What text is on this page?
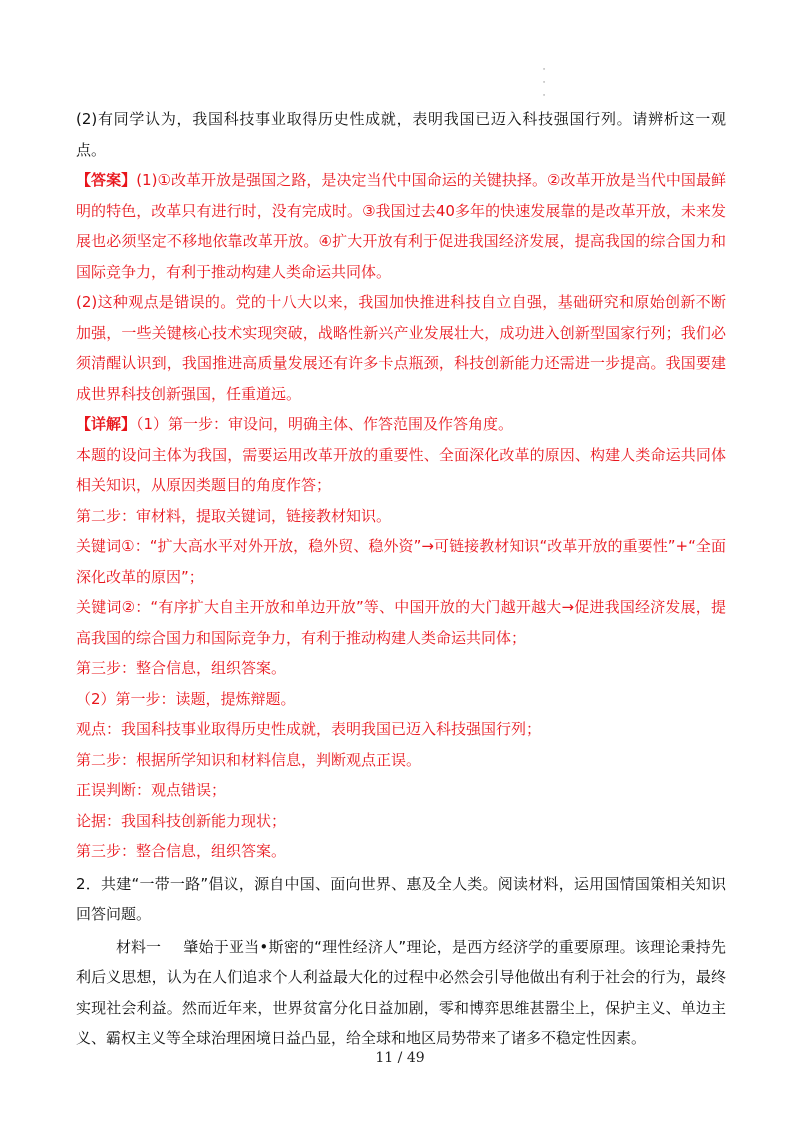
·
·
·

(2)有同学认为，我国科技事业取得历史性成就，表明我国已迈入科技强国行列。请辨析这一观点。

【答案】(1)①改革开放是强国之路，是决定当代中国命运的关键抉择。②改革开放是当代中国最鲜明的特色，改革只有进行时，没有完成时。③我国过去40多年的快速发展靠的是改革开放，未来发展也必须坚定不移地依靠改革开放。④扩大开放有利于促进我国经济发展，提高我国的综合国力和国际竞争力，有利于推动构建人类命运共同体。

(2)这种观点是错误的。党的十八大以来，我国加快推进科技自立自强，基础研究和原始创新不断加强，一些关键核心技术实现突破，战略性新兴产业发展壮大，成功进入创新型国家行列；我们必须清醒认识到，我国推进高质量发展还有许多卡点瓶颈，科技创新能力还需进一步提高。我国要建成世界科技创新强国，任重道远。

【详解】（1）第一步：审设问，明确主体、作答范围及作答角度。

本题的设问主体为我国，需要运用改革开放的重要性、全面深化改革的原因、构建人类命运共同体相关知识，从原因类题目的角度作答；

第二步：审材料，提取关键词，链接教材知识。

关键词①：“扩大高水平对外开放，稳外贸、稳外资”→可链接教材知识“改革开放的重要性”+“全面深化改革的原因”；

关键词②：“有序扩大自主开放和单边开放”等、中国开放的大门越开越大→促进我国经济发展，提高我国的综合国力和国际竞争力，有利于推动构建人类命运共同体；

第三步：整合信息，组织答案。

（2）第一步：读题，提炼辩题。

观点：我国科技事业取得历史性成就，表明我国已迈入科技强国行列；

第二步：根据所学知识和材料信息，判断观点正误。

正误判断：观点错误；

论据：我国科技创新能力现状；

第三步：整合信息，组织答案。

2．共建“一带一路”倡议，源自中国、面向世界、惠及全人类。阅读材料，运用国情国策相关知识回答问题。

材料一 肇始于亚当•斯密的“理性经济人”理论，是西方经济学的重要原理。该理论秉持先利后义思想，认为在人们追求个人利益最大化的过程中必然会引导他做出有利于社会的行为，最终实现社会利益。然而近年来，世界贫富分化日益加剧，零和博弈思维甚嚣尘上，保护主义、单边主义、霸权主义等全球治理困境日益凸显，给全球和地区局势带来了诸多不稳定性因素。

11 / 49
